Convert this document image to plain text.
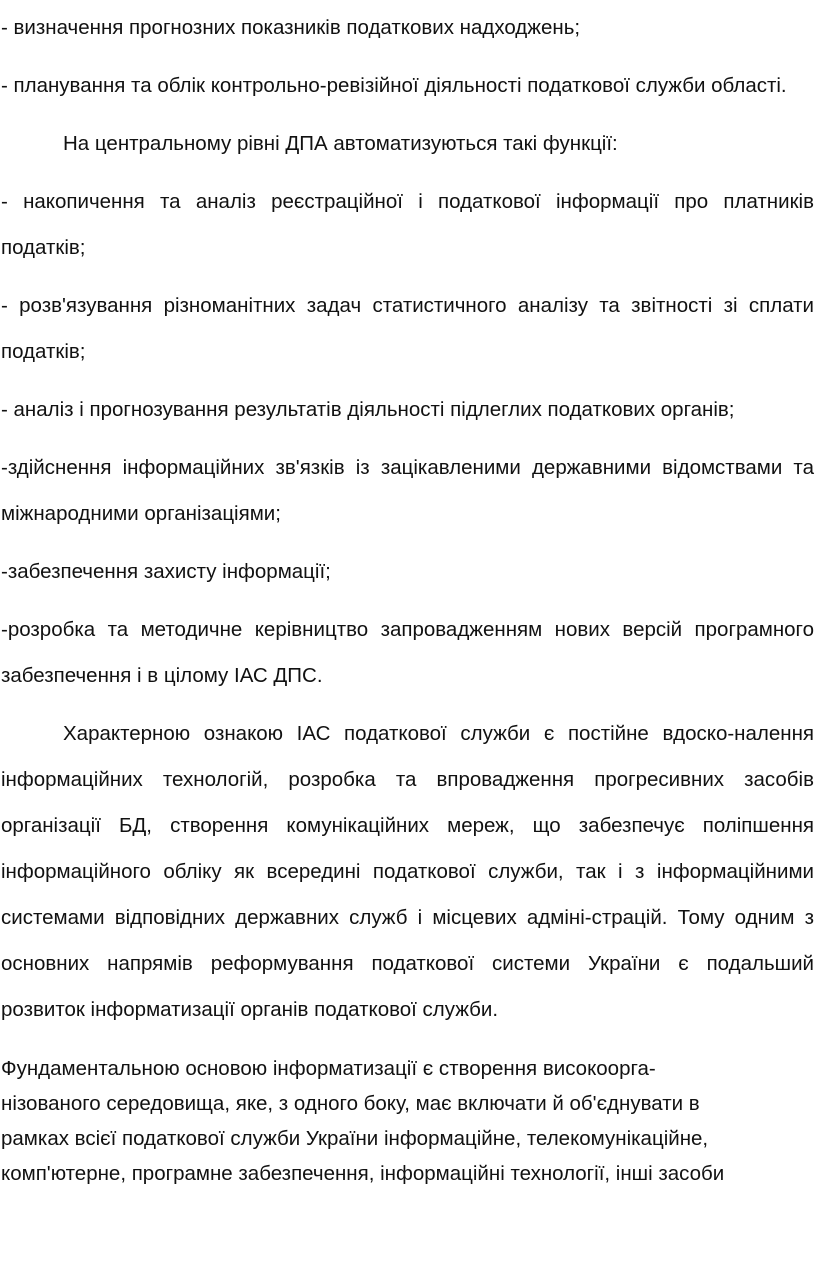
- визначення прогнозних показників податкових надходжень;

- планування та облік контрольно-ревізійної діяльності податкової служби області.

На центральному рівні ДПА автоматизуються такі функції:

- накопичення та аналіз реєстраційної і податкової інформації про платників податків;

- розв'язування різноманітних задач статистичного аналізу та звітності зі сплати податків;

- аналіз і прогнозування результатів діяльності підлеглих податкових органів;

-здійснення інформаційних зв'язків із зацікавленими державними відомствами та міжнародними організаціями;

-забезпечення захисту інформації;

-розробка та методичне керівництво запровадженням нових версій програмного забезпечення і в цілому ІАС ДПС.

Характерною ознакою ІАС податкової служби є постійне вдоско-налення інформаційних технологій, розробка та впровадження прогресивних засобів організації БД, створення комунікаційних мереж, що забезпечує поліпшення інформаційного обліку як всередині податкової служби, так і з інформаційними системами відповідних державних служб і місцевих адміні-страцій. Тому одним з основних напрямів реформування податкової системи України є подальший розвиток інформатизації органів податкової служби.

Фундаментальною основою інформатизації є створення високоорга-
нізованого середовища, яке, з одного боку, має включати й об'єднувати в
рамках всієї податкової служби України інформаційне, телекомунікаційне,
комп'ютерне, програмне забезпечення, інформаційні технології, інші засоби
